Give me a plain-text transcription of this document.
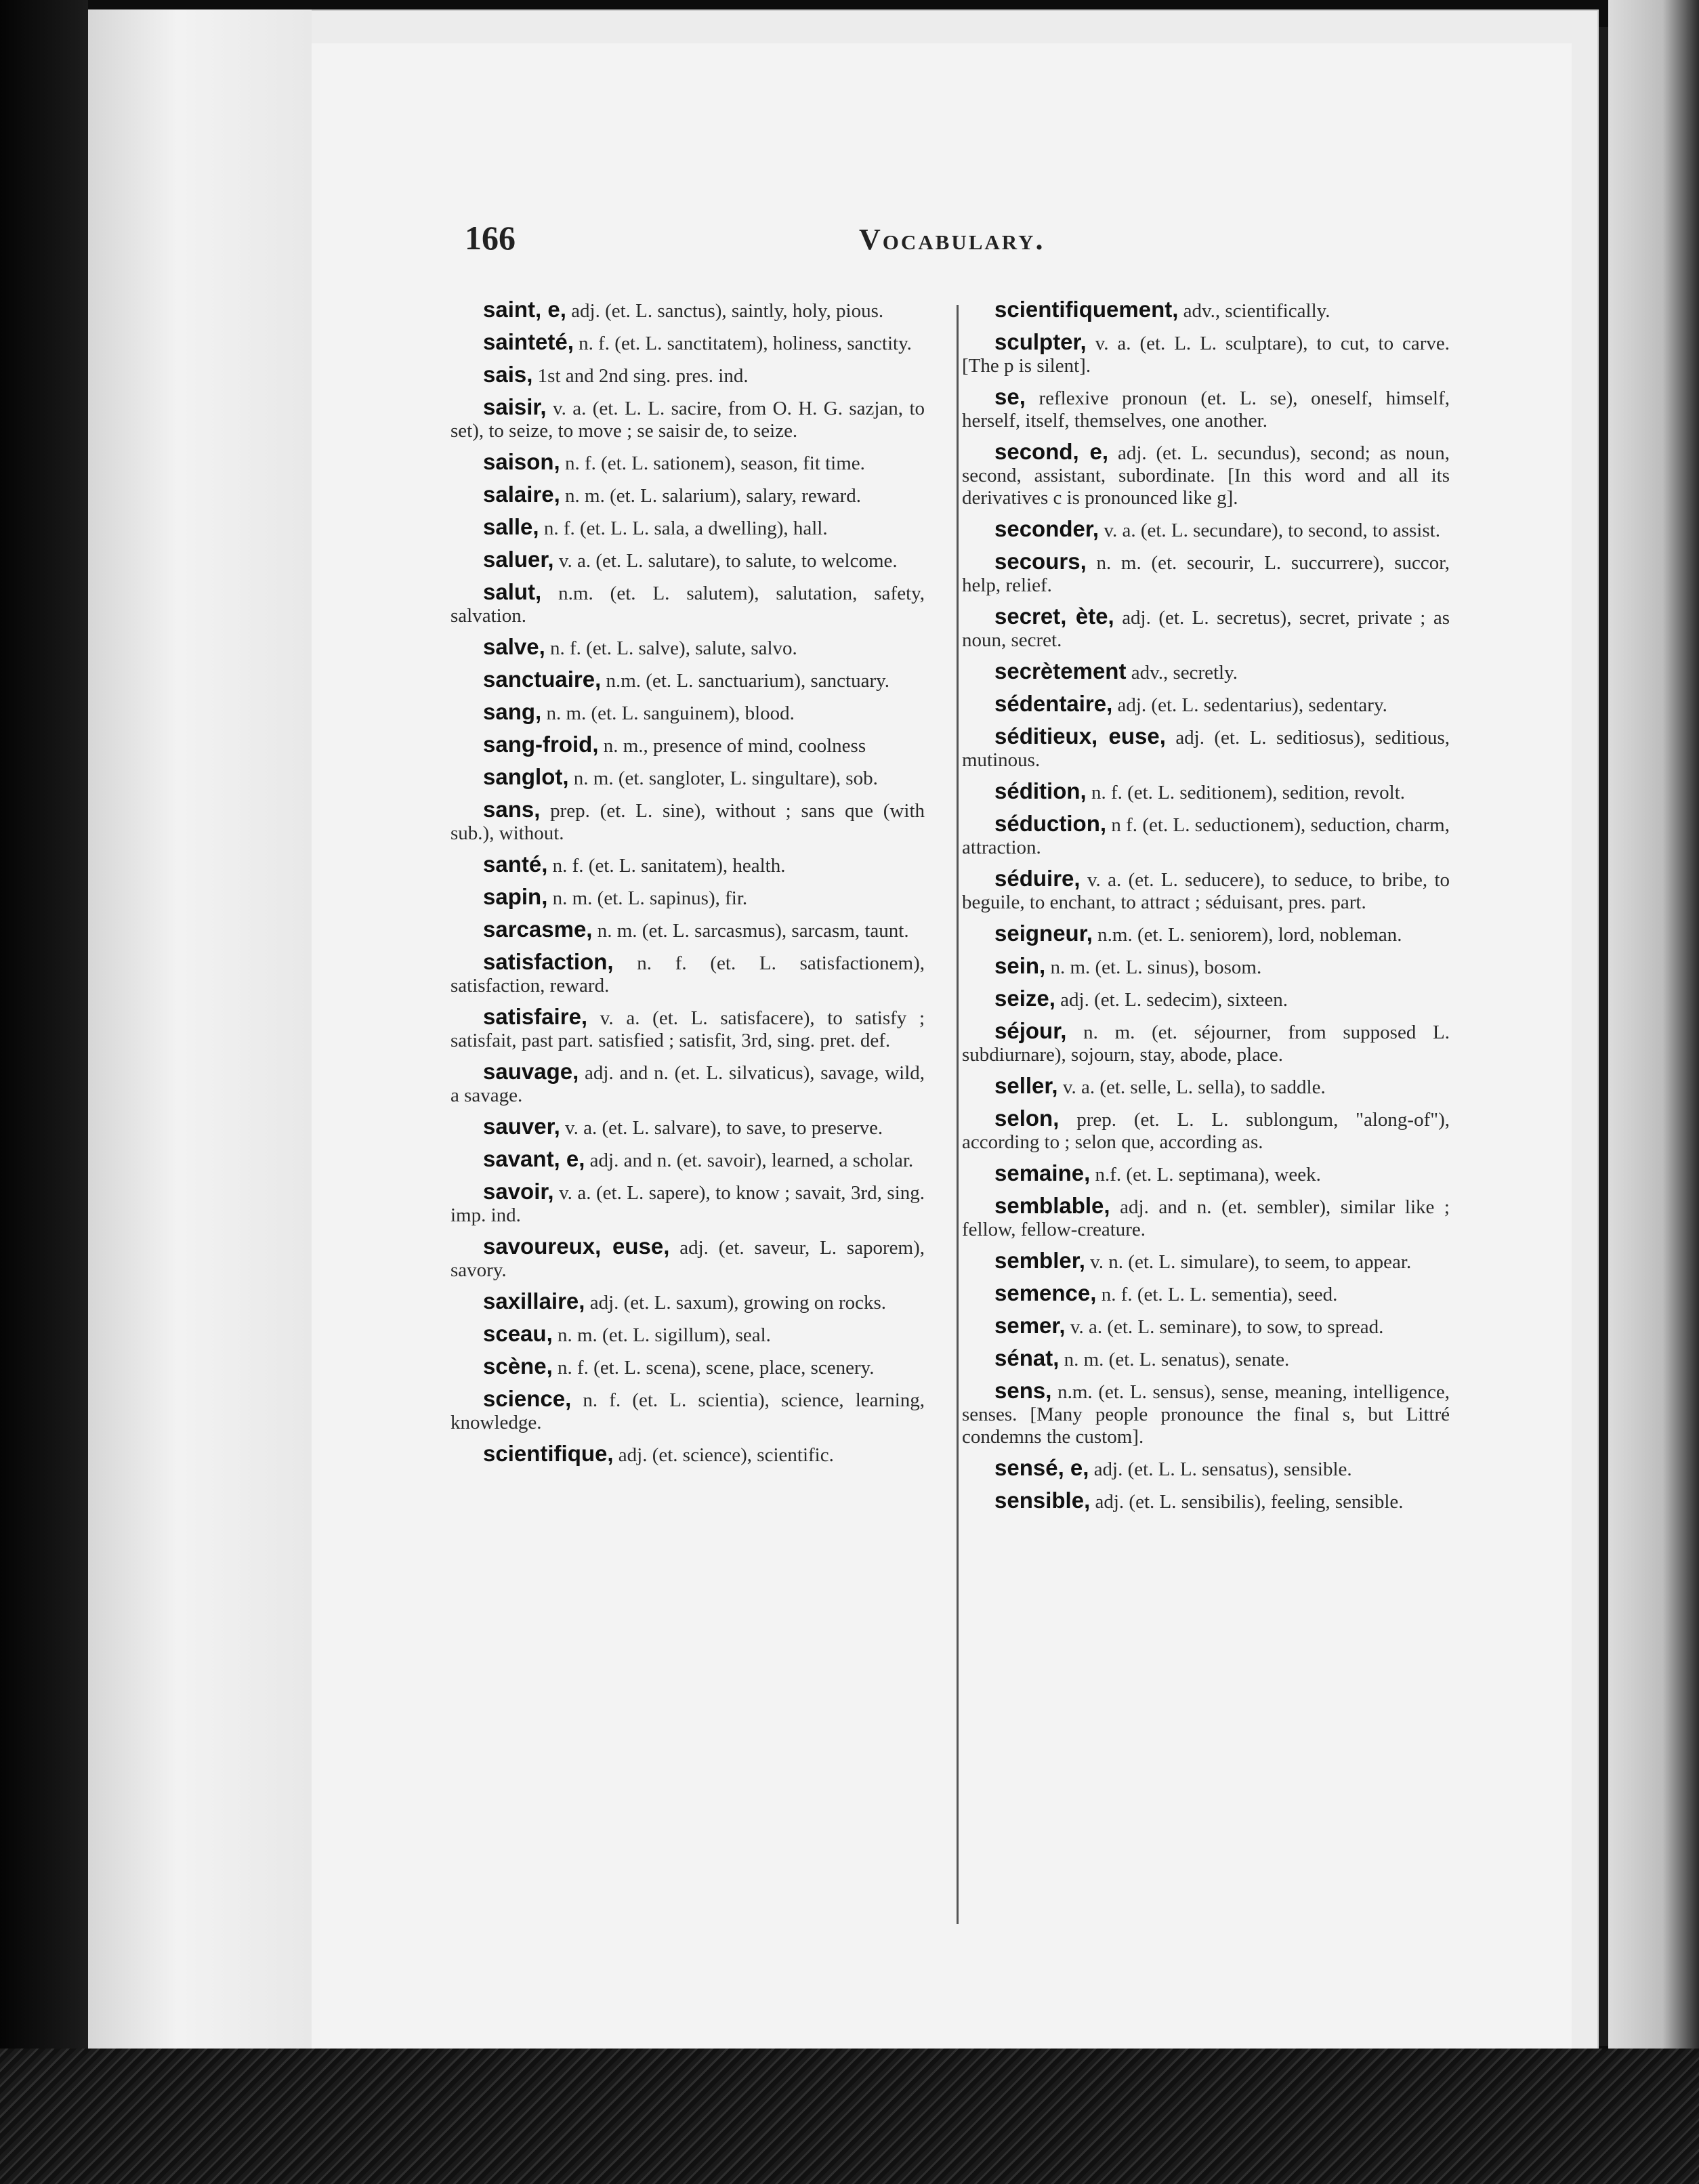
166	Vocabulary.

saint, e, adj. (et. L. sanctus), saintly, holy, pious.

sainteté, n. f. (et. L. sanctitatem), holiness, sanctity.

sais, 1st and 2nd sing. pres. ind.

saisir, v. a. (et. L. L. sacire, from O. H. G. sazjan, to set), to seize, to move ; se saisir de, to seize.

saison, n. f. (et. L. sationem), season, fit time.

salaire, n. m. (et. L. salarium), salary, reward.

salle, n. f. (et. L. L. sala, a dwelling), hall.

saluer, v. a. (et. L. salutare), to salute, to welcome.

salut, n.m. (et. L. salutem), salutation, safety, salvation.

salve, n. f. (et. L. salve), salute, salvo.

sanctuaire, n.m. (et. L. sanctuarium), sanctuary.

sang, n. m. (et. L. sanguinem), blood.

sang-froid, n. m., presence of mind, coolness

sanglot, n. m. (et. sangloter, L. singultare), sob.

sans, prep. (et. L. sine), without ; sans que (with sub.), without.

santé, n. f. (et. L. sanitatem), health.

sapin, n. m. (et. L. sapinus), fir.

sarcasme, n. m. (et. L. sarcasmus), sarcasm, taunt.

satisfaction, n. f. (et. L. satisfactionem), satisfaction, reward.

satisfaire, v. a. (et. L. satisfacere), to satisfy ; satisfait, past part. satisfied ; satisfit, 3rd, sing. pret. def.

sauvage, adj. and n. (et. L. silvaticus), savage, wild, a savage.

sauver, v. a. (et. L. salvare), to save, to preserve.

savant, e, adj. and n. (et. savoir), learned, a scholar.

savoir, v. a. (et. L. sapere), to know ; savait, 3rd, sing. imp. ind.

savoureux, euse, adj. (et. saveur, L. saporem), savory.

saxillaire, adj. (et. L. saxum), growing on rocks.

sceau, n. m. (et. L. sigillum), seal.

scène, n. f. (et. L. scena), scene, place, scenery.

science, n. f. (et. L. scientia), science, learning, knowledge.

scientifique, adj. (et. science), scientific.

scientifiquement, adv., scientifically.

sculpter, v. a. (et. L. L. sculptare), to cut, to carve. [The p is silent].

se, reflexive pronoun (et. L. se), oneself, himself, herself, itself, themselves, one another.

second, e, adj. (et. L. secundus), second; as noun, second, assistant, subordinate. [In this word and all its derivatives c is pronounced like g].

seconder, v. a. (et. L. secundare), to second, to assist.

secours, n. m. (et. secourir, L. succurrere), succor, help, relief.

secret, ète, adj. (et. L. secretus), secret, private ; as noun, secret.

secrètement adv., secretly.

sédentaire, adj. (et. L. sedentarius), sedentary.

séditieux, euse, adj. (et. L. seditiosus), seditious, mutinous.

sédition, n. f. (et. L. seditionem), sedition, revolt.

séduction, n f. (et. L. seductionem), seduction, charm, attraction.

séduire, v. a. (et. L. seducere), to seduce, to bribe, to beguile, to enchant, to attract ; séduisant, pres. part.

seigneur, n.m. (et. L. seniorem), lord, nobleman.

sein, n. m. (et. L. sinus), bosom.

seize, adj. (et. L. sedecim), sixteen.

séjour, n. m. (et. séjourner, from supposed L. subdiurnare), sojourn, stay, abode, place.

seller, v. a. (et. selle, L. sella), to saddle.

selon, prep. (et. L. L. sublongum, "along-of"), according to ; selon que, according as.

semaine, n.f. (et. L. septimana), week.

semblable, adj. and n. (et. sembler), similar like ; fellow, fellow-creature.

sembler, v. n. (et. L. simulare), to seem, to appear.

semence, n. f. (et. L. L. sementia), seed.

semer, v. a. (et. L. seminare), to sow, to spread.

sénat, n. m. (et. L. senatus), senate.

sens, n.m. (et. L. sensus), sense, meaning, intelligence, senses. [Many people pronounce the final s, but Littré condemns the custom].

sensé, e, adj. (et. L. L. sensatus), sensible.

sensible, adj. (et. L. sensibilis), feeling, sensible.
